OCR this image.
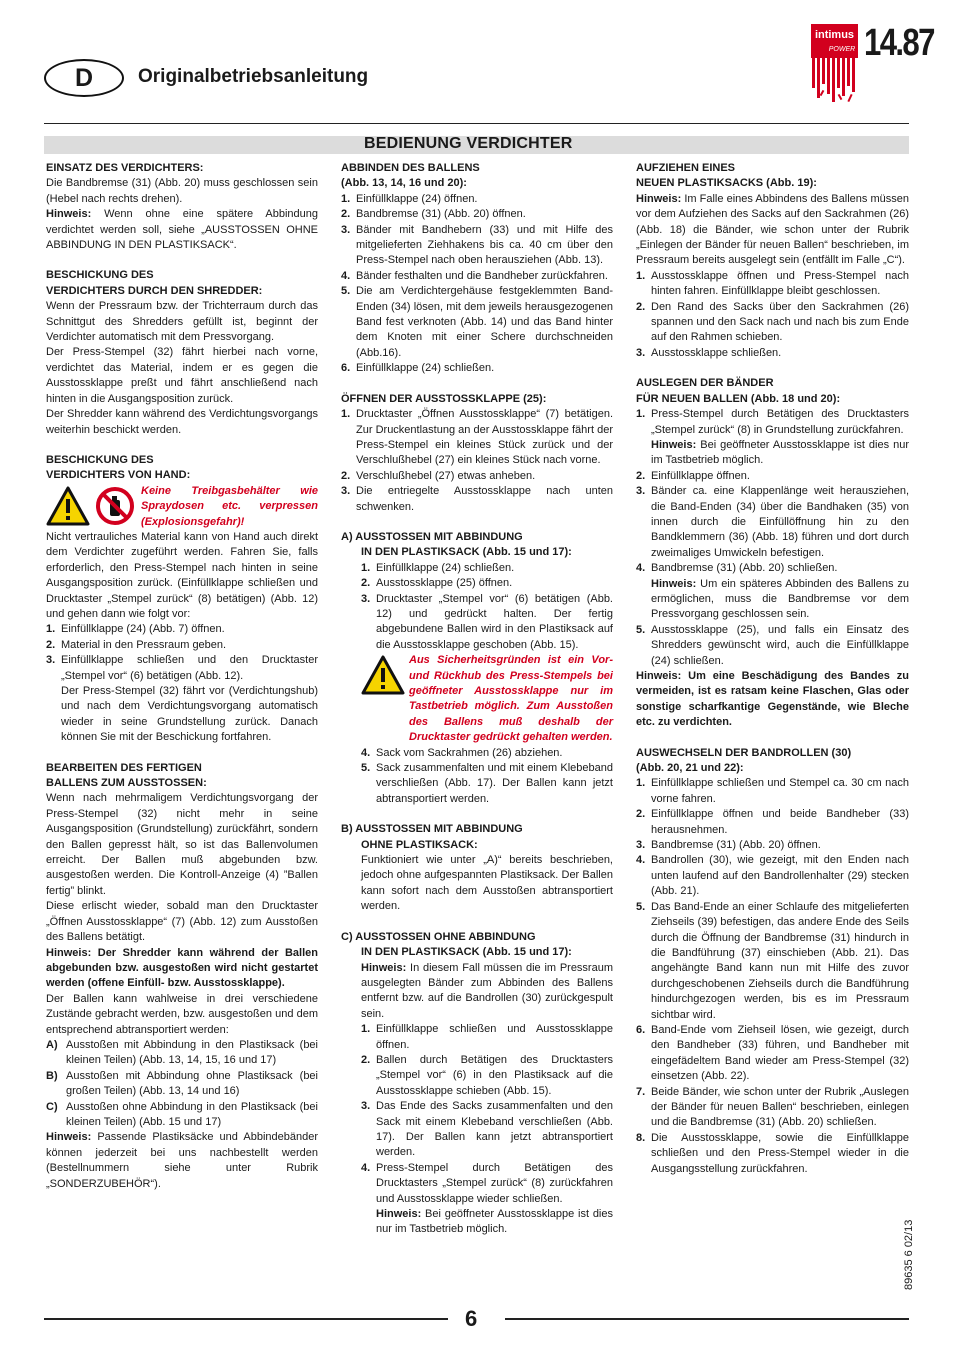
D Originalbetriebsanleitung
intimus
POWER 14.87
BEDIENUNG VERDICHTER

EINSATZ DES VERDICHTERS:

Die Bandbremse (31) (Abb. 20) muss geschlossen sein (Hebel nach rechts drehen).

Hinweis: Wenn ohne eine spätere Abbindung verdichtet werden soll, siehe „AUSSTOSSEN OHNE ABBINDUNG IN DEN PLASTIKSACK“.

BESCHICKUNG DES

VERDICHTERS DURCH DEN SHREDDER:

Wenn der Pressraum bzw. der Trichterraum durch das Schnittgut des Shredders gefüllt ist, beginnt der Verdichter automatisch mit dem Pressvorgang.

Der Press-Stempel (32) fährt hierbei nach vorne, verdichtet das Material, indem er es gegen die Ausstossklappe preßt und fährt anschließend nach hinten in die Ausgangsposition zurück.

Der Shredder kann während des Verdichtungsvorgangs weiterhin beschickt werden.

BESCHICKUNG DES

VERDICHTERS VON HAND:

Keine Treibgasbehälter wie Spraydosen etc. verpressen (Explosionsgefahr)!

Nicht vertrauliches Material kann von Hand auch direkt dem Verdichter zugeführt werden. Fahren Sie, falls erforderlich, den Press-Stempel nach hinten in seine Ausgangsposition zurück. (Einfüllklappe schließen und Drucktaster „Stempel zurück“ (8) betätigen) (Abb. 12) und gehen dann wie folgt vor:

1. Einfüllklappe (24) (Abb. 7) öffnen.
2. Material in den Pressraum geben.
3. Einfüllklappe schließen und den Drucktaster „Stempel vor“ (6) betätigen (Abb. 12).

Der Press-Stempel (32) fährt vor (Verdichtungshub) und nach dem Verdichtungsvorgang automatisch wieder in seine Grundstellung zurück. Danach können Sie mit der Beschickung fortfahren.

BEARBEITEN DES FERTIGEN

BALLENS ZUM AUSSTOSSEN:

Wenn nach mehrmaligem Verdichtungsvorgang der Press-Stempel (32) nicht mehr in seine Ausgangsposition (Grundstellung) zurückfährt, sondern den Ballen gepresst hält, so ist das Ballenvolumen erreicht. Der Ballen muß abgebunden bzw. ausgestoßen werden. Die Kontroll-Anzeige (4) ”Ballen fertig” blinkt.

Diese erlischt wieder, sobald man den Drucktaster „Öffnen Ausstossklappe“ (7) (Abb. 12) zum Ausstoßen des Ballens betätigt.

Hinweis: Der Shredder kann während der Ballen abgebunden bzw. ausgestoßen wird nicht gestartet werden (offene Einfüll- bzw. Ausstossklappe).

Der Ballen kann wahlweise in drei verschiedene Zustände gebracht werden, bzw. ausgestoßen und dem entsprechend abtransportiert werden:

A) Ausstoßen mit Abbindung in den Plastiksack (bei kleinen Teilen) (Abb. 13, 14, 15, 16 und 17)
B) Ausstoßen mit Abbindung ohne Plastiksack (bei großen Teilen) (Abb. 13, 14 und 16)
C) Ausstoßen ohne Abbindung in den Plastiksack (bei kleinen Teilen) (Abb. 15 und 17)

Hinweis: Passende Plastiksäcke und Abbindebänder können jederzeit bei uns nachbestellt werden (Bestellnummern siehe unter Rubrik „SONDERZUBEHÖR“).

ABBINDEN DES BALLENS

(Abb. 13, 14, 16 und 20):

1. Einfüllklappe (24) öffnen.
2. Bandbremse (31) (Abb. 20) öffnen.
3. Bänder mit Bandhebern (33) und mit Hilfe des mitgelieferten Ziehhakens bis ca. 40 cm über den Press-Stempel nach oben herausziehen (Abb. 13).
4. Bänder festhalten und die Bandheber zurückfahren.
5. Die am Verdichtergehäuse festgeklemmten Band-Enden (34) lösen, mit dem jeweils herausgezogenen Band fest verknoten (Abb. 14) und das Band hinter dem Knoten mit einer Schere durchschneiden (Abb.16).
6. Einfüllklappe (24) schließen.

ÖFFNEN DER AUSSTOSSKLAPPE (25):

1. Drucktaster „Öffnen Ausstossklappe“ (7) betätigen. Zur Druckentlastung an der Ausstossklappe fährt der Press-Stempel ein kleines Stück zurück und der Verschlußhebel (27) ein kleines Stück nach vorne.
2. Verschlußhebel (27) etwas anheben.
3. Die entriegelte Ausstossklappe nach unten schwenken.

A) AUSSTOSSEN MIT ABBINDUNG

IN DEN PLASTIKSACK (Abb. 15 und 17):

1. Einfüllklappe (24) schließen.
2. Ausstossklappe (25) öffnen.
3. Drucktaster „Stempel vor“ (6) betätigen (Abb. 12) und gedrückt halten. Der fertig abgebundene Ballen wird in den Plastiksack auf die Ausstossklappe geschoben (Abb. 15).
Aus Sicherheitsgründen ist ein Vor- und Rückhub des Press-Stempels bei geöffneter Ausstossklappe nur im Tastbetrieb möglich. Zum Ausstoßen des Ballens muß deshalb der Drucktaster gedrückt gehalten werden.
4. Sack vom Sackrahmen (26) abziehen.
5. Sack zusammenfalten und mit einem Klebeband verschließen (Abb. 17). Der Ballen kann jetzt abtransportiert werden.

B) AUSSTOSSEN MIT ABBINDUNG

OHNE PLASTIKSACK:

Funktioniert wie unter „A)“ bereits beschrieben, jedoch ohne aufgespannten Plastiksack. Der Ballen kann sofort nach dem Ausstoßen abtransportiert werden.

C) AUSSTOSSEN OHNE ABBINDUNG

IN DEN PLASTIKSACK (Abb. 15 und 17):

Hinweis: In diesem Fall müssen die im Pressraum ausgelegten Bänder zum Abbinden des Ballens entfernt bzw. auf die Bandrollen (30) zurückgespult sein.

1. Einfüllklappe schließen und Ausstossklappe öffnen.
2. Ballen durch Betätigen des Drucktasters „Stempel vor“ (6) in den Plastiksack auf die Ausstossklappe schieben (Abb. 15).
3. Das Ende des Sacks zusammenfalten und den Sack mit einem Klebeband verschließen (Abb. 17). Der Ballen kann jetzt abtransportiert werden.
4. Press-Stempel durch Betätigen des Drucktasters „Stempel zurück“ (8) zurückfahren und Ausstossklappe wieder schließen.

Hinweis: Bei geöffneter Ausstossklappe ist dies nur im Tastbetrieb möglich.

AUFZIEHEN EINES

NEUEN PLASTIKSACKS (Abb. 19):

Hinweis: Im Falle eines Abbindens des Ballens müssen vor dem Aufziehen des Sacks auf den Sackrahmen (26) (Abb. 18) die Bänder, wie schon unter der Rubrik „Einlegen der Bänder für neuen Ballen“ beschrieben, im Pressraum bereits ausgelegt sein (entfällt im Falle „C“).

1. Ausstossklappe öffnen und Press-Stempel nach hinten fahren. Einfüllklappe bleibt geschlossen.
2. Den Rand des Sacks über den Sackrahmen (26) spannen und den Sack nach und nach bis zum Ende auf den Rahmen schieben.
3. Ausstossklappe schließen.

AUSLEGEN DER BÄNDER

FÜR NEUEN BALLEN (Abb. 18 und 20):

1. Press-Stempel durch Betätigen des Drucktasters „Stempel zurück“ (8) in Grundstellung zurückfahren.

Hinweis: Bei geöffneter Ausstossklappe ist dies nur im Tastbetrieb möglich.

2. Einfüllklappe öffnen.
3. Bänder ca. eine Klappenlänge weit herausziehen, die Band-Enden (34) über die Bandhaken (35) von innen durch die Einfüllöffnung hin zu den Bandklemmern (36) (Abb. 18) führen und dort durch zweimaliges Umwickeln befestigen.
4. Bandbremse (31) (Abb. 20) schließen.

Hinweis: Um ein späteres Abbinden des Ballens zu ermöglichen, muss die Bandbremse vor dem Pressvorgang geschlossen sein.

5. Ausstossklappe (25), und falls ein Einsatz des Shredders gewünscht wird, auch die Einfüllklappe (24) schließen.

Hinweis: Um eine Beschädigung des Bandes zu vermeiden, ist es ratsam keine Flaschen, Glas oder sonstige scharfkantige Gegenstände, wie Bleche etc. zu verdichten.

AUSWECHSELN DER BANDROLLEN (30)

(Abb. 20, 21 und 22):

1. Einfüllklappe schließen und Stempel ca. 30 cm nach vorne fahren.
2. Einfüllklappe öffnen und beide Bandheber (33) herausnehmen.
3. Bandbremse (31) (Abb. 20) öffnen.
4. Bandrollen (30), wie gezeigt, mit den Enden nach unten laufend auf den Bandrollenhalter (29) stecken (Abb. 21).
5. Das Band-Ende an einer Schlaufe des mitgelieferten Ziehseils (39) befestigen, das andere Ende des Seils durch die Öffnung der Bandbremse (31) hindurch in die Bandführung (37) einschieben (Abb. 21). Das angehängte Band kann nun mit Hilfe des zuvor durchgeschobenen Ziehseils durch die Bandführung hindurchgezogen werden, bis es im Pressraum sichtbar wird.
6. Band-Ende vom Ziehseil lösen, wie gezeigt, durch den Bandheber (33) führen, und Bandheber mit eingefädeltem Band wieder am Press-Stempel (32) einsetzen (Abb. 22).
7. Beide Bänder, wie schon unter der Rubrik „Auslegen der Bänder für neuen Ballen“ beschrieben, einlegen und die Bandbremse (31) (Abb. 20) schließen.
8. Die Ausstossklappe, sowie die Einfüllklappe schließen und den Press-Stempel wieder in die Ausgangsstellung zurückfahren.
89635 6 02/13
6
